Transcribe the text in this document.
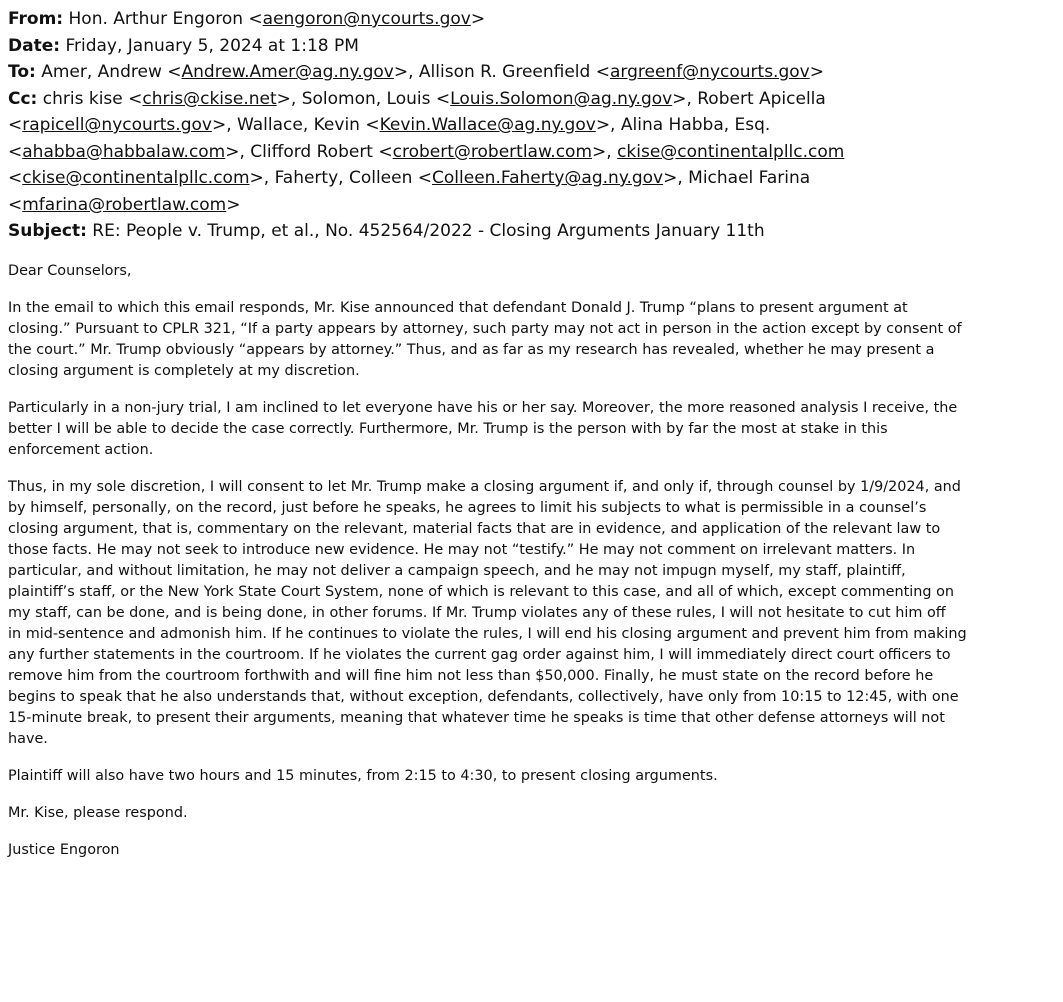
From: Hon. Arthur Engoron <aengoron@nycourts.gov>
Date: Friday, January 5, 2024 at 1:18 PM
To: Amer, Andrew <Andrew.Amer@ag.ny.gov>, Allison R. Greenfield <argreenf@nycourts.gov>
Cc: chris kise <chris@ckise.net>, Solomon, Louis <Louis.Solomon@ag.ny.gov>, Robert Apicella
<rapicell@nycourts.gov>, Wallace, Kevin <Kevin.Wallace@ag.ny.gov>, Alina Habba, Esq.
<ahabba@habbalaw.com>, Clifford Robert <crobert@robertlaw.com>, ckise@continentalpllc.com
<ckise@continentalpllc.com>, Faherty, Colleen <Colleen.Faherty@ag.ny.gov>, Michael Farina
<mfarina@robertlaw.com>
Subject: RE: People v. Trump, et al., No. 452564/2022 - Closing Arguments January 11th
Dear Counselors,
In the email to which this email responds, Mr. Kise announced that defendant Donald J. Trump “plans to present argument at
closing.” Pursuant to CPLR 321, “If a party appears by attorney, such party may not act in person in the action except by consent of
the court.” Mr. Trump obviously “appears by attorney.” Thus, and as far as my research has revealed, whether he may present a
closing argument is completely at my discretion.
Particularly in a non-jury trial, I am inclined to let everyone have his or her say. Moreover, the more reasoned analysis I receive, the
better I will be able to decide the case correctly. Furthermore, Mr. Trump is the person with by far the most at stake in this
enforcement action.
Thus, in my sole discretion, I will consent to let Mr. Trump make a closing argument if, and only if, through counsel by 1/9/2024, and
by himself, personally, on the record, just before he speaks, he agrees to limit his subjects to what is permissible in a counsel’s
closing argument, that is, commentary on the relevant, material facts that are in evidence, and application of the relevant law to
those facts. He may not seek to introduce new evidence. He may not “testify.” He may not comment on irrelevant matters. In
particular, and without limitation, he may not deliver a campaign speech, and he may not impugn myself, my staff, plaintiff,
plaintiff’s staff, or the New York State Court System, none of which is relevant to this case, and all of which, except commenting on
my staff, can be done, and is being done, in other forums. If Mr. Trump violates any of these rules, I will not hesitate to cut him off
in mid-sentence and admonish him. If he continues to violate the rules, I will end his closing argument and prevent him from making
any further statements in the courtroom. If he violates the current gag order against him, I will immediately direct court officers to
remove him from the courtroom forthwith and will fine him not less than $50,000. Finally, he must state on the record before he
begins to speak that he also understands that, without exception, defendants, collectively, have only from 10:15 to 12:45, with one
15-minute break, to present their arguments, meaning that whatever time he speaks is time that other defense attorneys will not
have.
Plaintiff will also have two hours and 15 minutes, from 2:15 to 4:30, to present closing arguments.
Mr. Kise, please respond.
Justice Engoron
